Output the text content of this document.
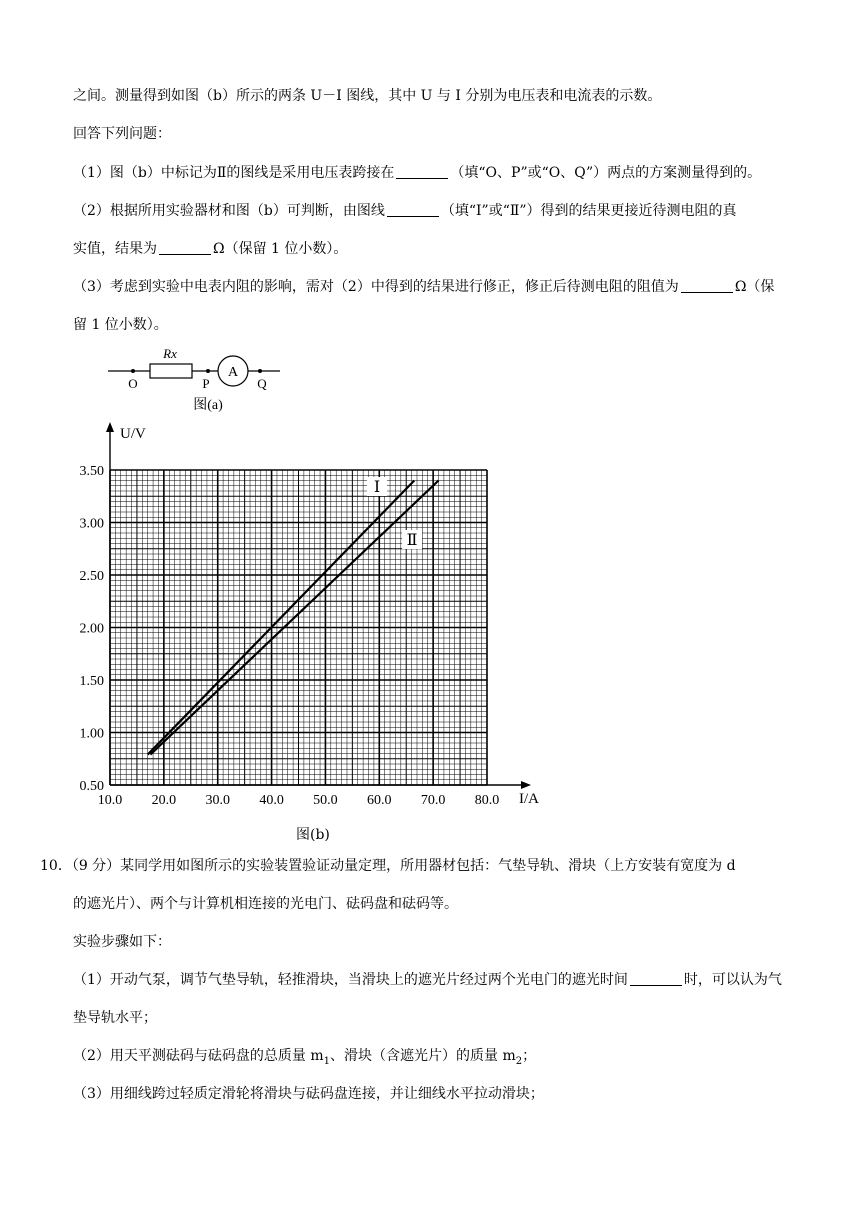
之间。测量得到如图（b）所示的两条 U－I 图线，其中 U 与 I 分别为电压表和电流表的示数。
回答下列问题：
（1）图（b）中标记为Ⅱ的图线是采用电压表跨接在	（填“O、P”或“O、Q”）两点的方案测量得到的。
（2）根据所用实验器材和图（b）可判断，由图线	（填“Ⅰ”或“Ⅱ”）得到的结果更接近待测电阻的真
实值，结果为	Ω（保留 1 位小数）。
（3）考虑到实验中电表内阻的影响，需对（2）中得到的结果进行修正，修正后待测电阻的阻值为	Ω（保
留 1 位小数）。
Rx
A
O	P	Q
图(a)
U/V
I/A
10.0 20.0 30.0 40.0 50.0 60.0 70.0 80.0
0.50
1.00
1.50
2.00
2.50
3.00
3.50
Ⅰ
Ⅱ
图(b)
10．（9 分）某同学用如图所示的实验装置验证动量定理，所用器材包括：气垫导轨、滑块（上方安装有宽度为 d
的遮光片）、两个与计算机相连接的光电门、砝码盘和砝码等。
实验步骤如下：
（1）开动气泵，调节气垫导轨，轻推滑块，当滑块上的遮光片经过两个光电门的遮光时间	时，可以认为气
垫导轨水平；
（2）用天平测砝码与砝码盘的总质量 $m_1$、滑块（含遮光片）的质量 $m_2$；
（3）用细线跨过轻质定滑轮将滑块与砝码盘连接，并让细线水平拉动滑块；
